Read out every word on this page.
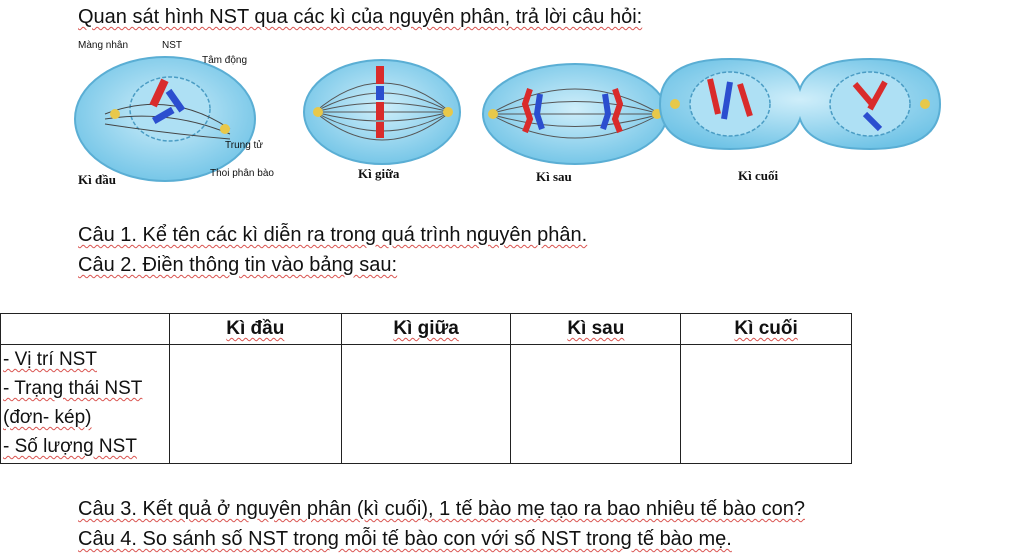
Quan sát hình NST qua các kì của nguyên phân, trả lời câu hỏi:
Màng nhân	NST
Tâm động
Trung tử
Thoi phân bào
Kì đầu	Kì giữa	Kì sau	Kì cuối
Câu 1. Kể tên các kì diễn ra trong quá trình nguyên phân.
Câu 2. Điền thông tin vào bảng sau:
	Kì đầu	Kì giữa	Kì sau	Kì cuối

- Vị trí NST
- Trạng thái NST
(đơn- kép)
- Số lượng NST				

Câu 3. Kết quả ở nguyên phân (kì cuối), 1 tế bào mẹ tạo ra bao nhiêu tế bào con?
Câu 4. So sánh số NST trong mỗi tế bào con với số NST trong tế bào mẹ.
